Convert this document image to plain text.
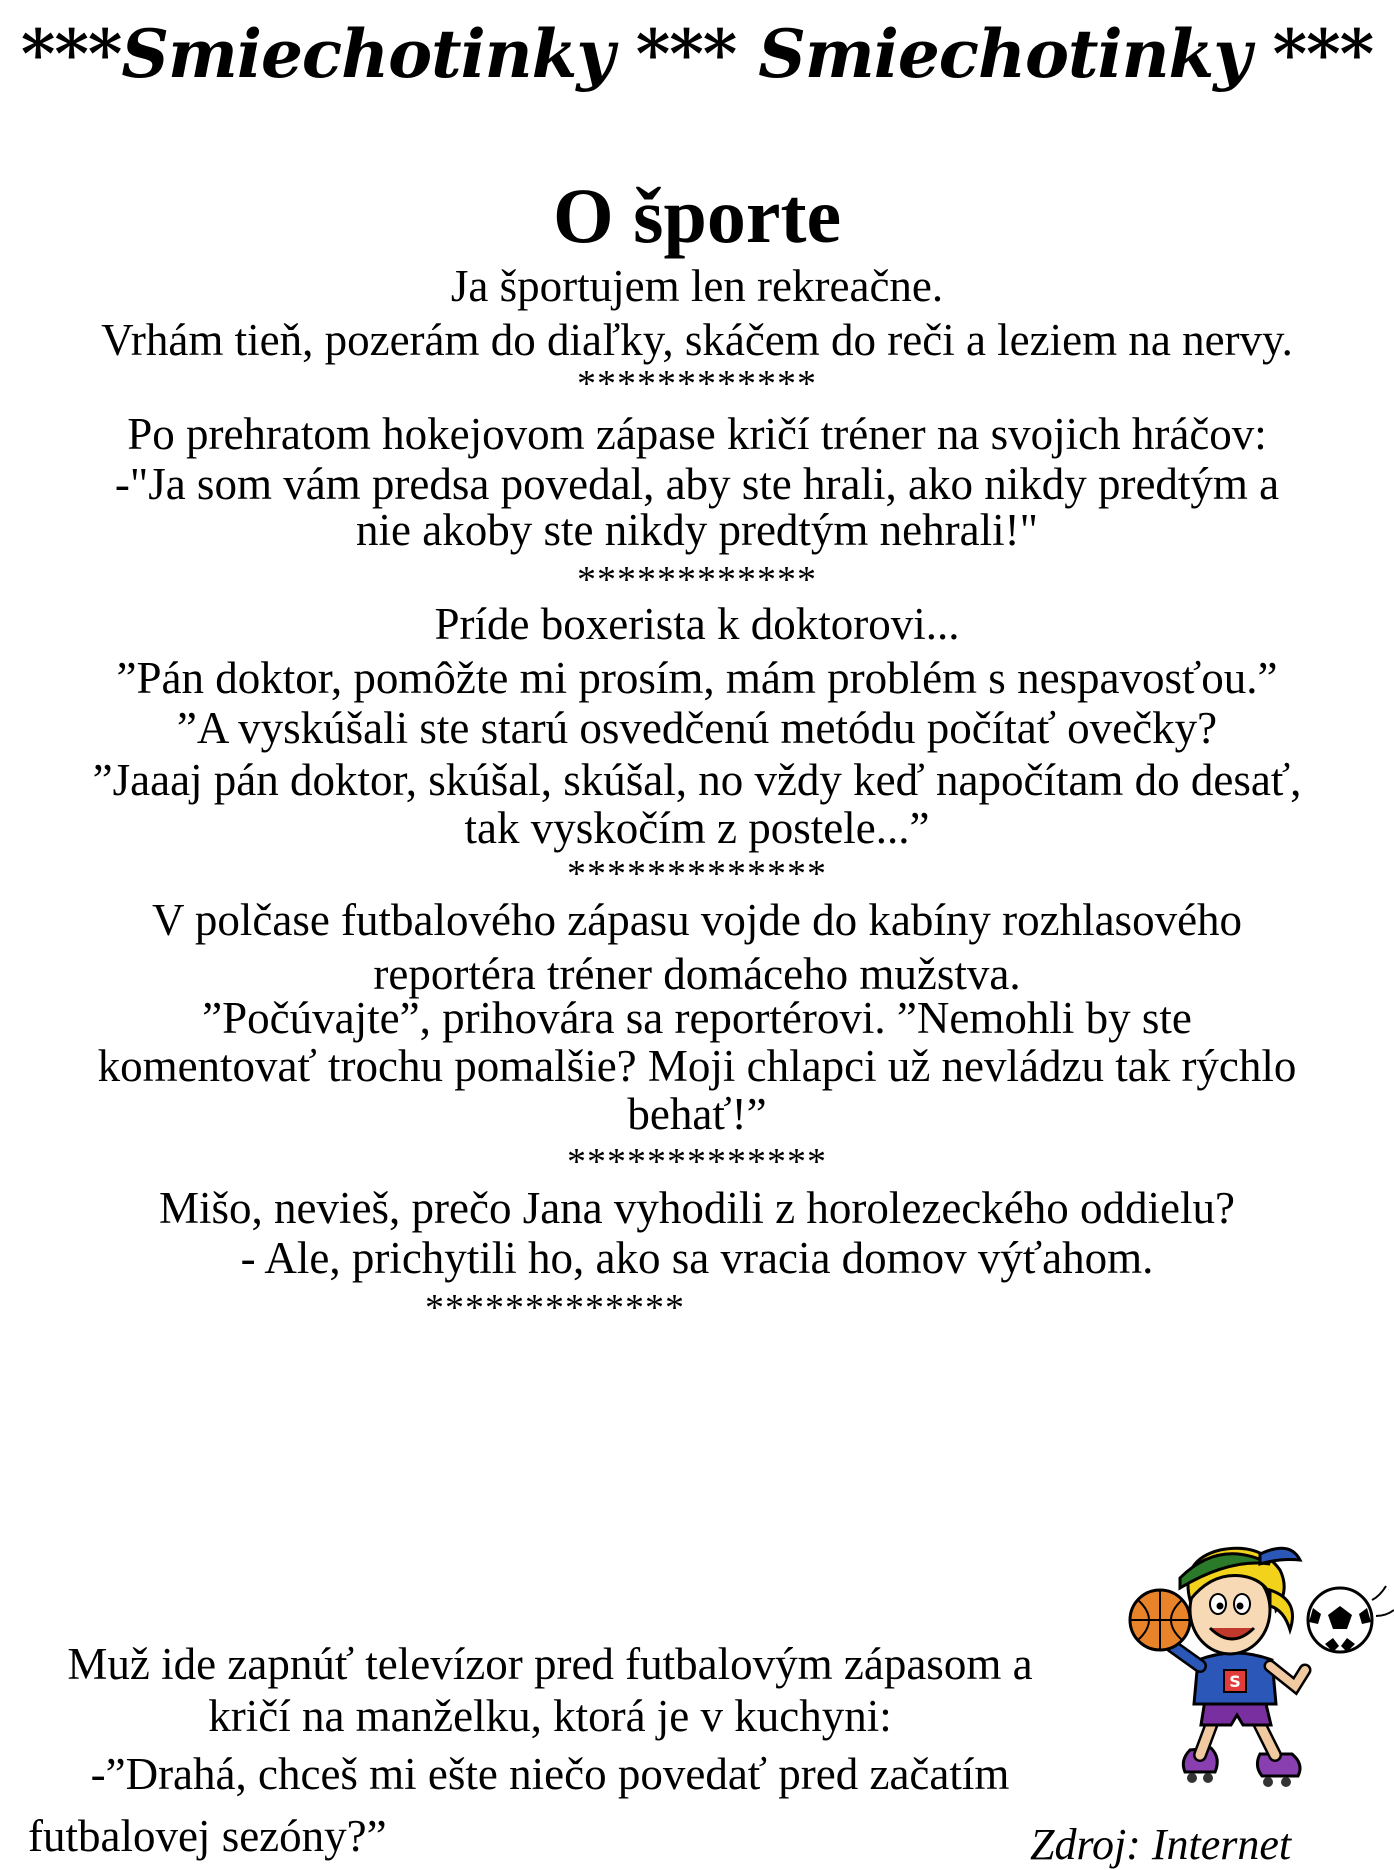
***Smiechotinky *** Smiechotinky ***
O športe
Ja športujem len rekreačne.
Vrhám tieň, pozerám do diaľky, skáčem do reči a leziem na nervy.
************
Po prehratom hokejovom zápase kričí tréner na svojich hráčov:
-"Ja som vám predsa povedal, aby ste hrali, ako nikdy predtým a
nie akoby ste nikdy predtým nehrali!"
************
Príde boxerista k doktorovi...
”Pán doktor, pomôžte mi prosím, mám problém s nespavosťou.”
”A vyskúšali ste starú osvedčenú metódu počítať ovečky?
”Jaaaj pán doktor, skúšal, skúšal, no vždy keď napočítam do desať,
tak vyskočím z postele...”
*************
V polčase futbalového zápasu vojde do kabíny rozhlasového
reportéra tréner domáceho mužstva.
”Počúvajte”, prihovára sa reportérovi. ”Nemohli by ste
komentovať trochu pomalšie? Moji chlapci už nevládzu tak rýchlo
behať!”
*************
Mišo, nevieš, prečo Jana vyhodili z horolezeckého oddielu?
- Ale, prichytili ho, ako sa vracia domov výťahom.
*************
Muž ide zapnúť televízor pred futbalovým zápasom a
kričí na manželku, ktorá je v kuchyni:
-”Drahá, chceš mi ešte niečo povedať pred začatím
futbalovej sezóny?”	Zdroj: Internet
S
